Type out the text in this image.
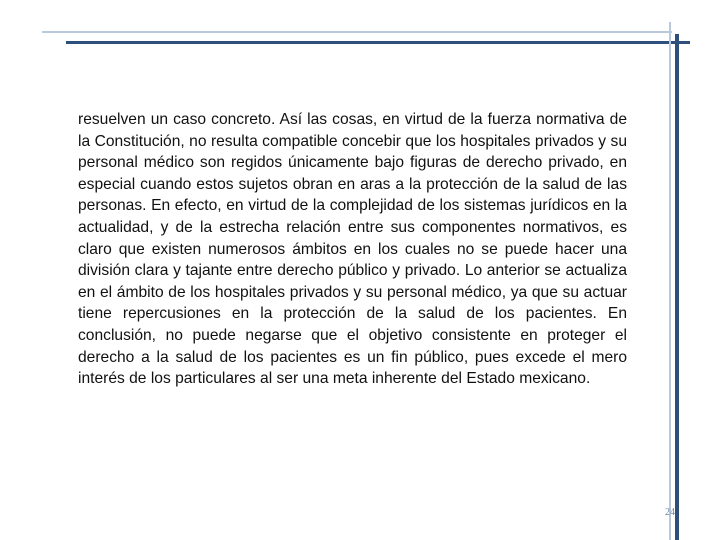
resuelven un caso concreto. Así las cosas, en virtud de la fuerza normativa de la Constitución, no resulta compatible concebir que los hospitales privados y su personal médico son regidos únicamente bajo figuras de derecho privado, en especial cuando estos sujetos obran en aras a la protección de la salud de las personas. En efecto, en virtud de la complejidad de los sistemas jurídicos en la actualidad, y de la estrecha relación entre sus componentes normativos, es claro que existen numerosos ámbitos en los cuales no se puede hacer una división clara y tajante entre derecho público y privado. Lo anterior se actualiza en el ámbito de los hospitales privados y su personal médico, ya que su actuar tiene repercusiones en la protección de la salud de los pacientes. En conclusión, no puede negarse que el objetivo consistente en proteger el derecho a la salud de los pacientes es un fin público, pues excede el mero interés de los particulares al ser una meta inherente del Estado mexicano.

24
